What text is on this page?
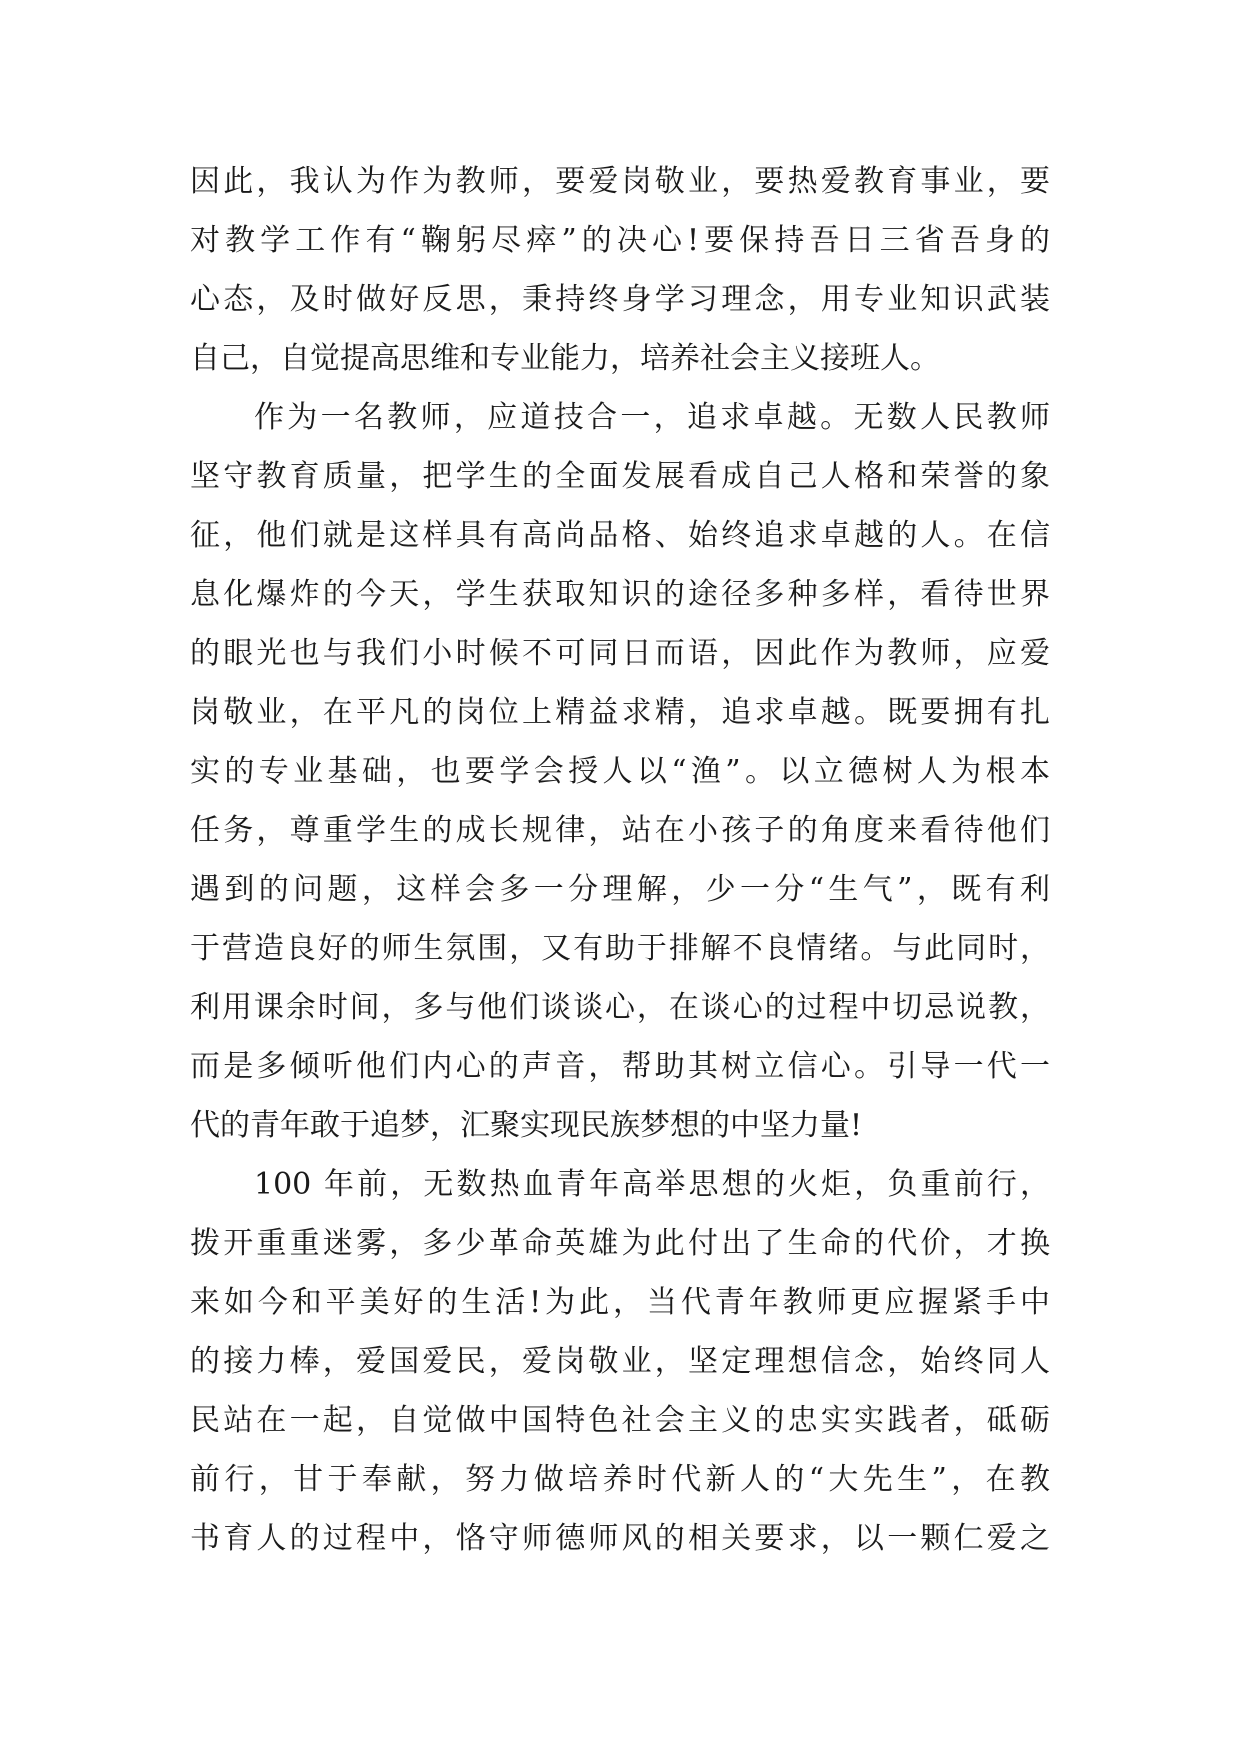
因此，我认为作为教师，要爱岗敬业，要热爱教育事业，要
对教学工作有“鞠躬尽瘁”的决心!要保持吾日三省吾身的
心态，及时做好反思，秉持终身学习理念，用专业知识武装
自己，自觉提高思维和专业能力，培养社会主义接班人。
作为一名教师，应道技合一，追求卓越。无数人民教师
坚守教育质量，把学生的全面发展看成自己人格和荣誉的象
征，他们就是这样具有高尚品格、始终追求卓越的人。在信
息化爆炸的今天，学生获取知识的途径多种多样，看待世界
的眼光也与我们小时候不可同日而语，因此作为教师，应爱
岗敬业，在平凡的岗位上精益求精，追求卓越。既要拥有扎
实的专业基础，也要学会授人以“渔”。以立德树人为根本
任务，尊重学生的成长规律，站在小孩子的角度来看待他们
遇到的问题，这样会多一分理解，少一分“生气”，既有利
于营造良好的师生氛围，又有助于排解不良情绪。与此同时，
利用课余时间，多与他们谈谈心，在谈心的过程中切忌说教，
而是多倾听他们内心的声音，帮助其树立信心。引导一代一
代的青年敢于追梦，汇聚实现民族梦想的中坚力量!
100 年前，无数热血青年高举思想的火炬，负重前行，
拨开重重迷雾，多少革命英雄为此付出了生命的代价，才换
来如今和平美好的生活!为此，当代青年教师更应握紧手中
的接力棒，爱国爱民，爱岗敬业，坚定理想信念，始终同人
民站在一起，自觉做中国特色社会主义的忠实实践者，砥砺
前行，甘于奉献，努力做培养时代新人的“大先生”，在教
书育人的过程中，恪守师德师风的相关要求，以一颗仁爱之
